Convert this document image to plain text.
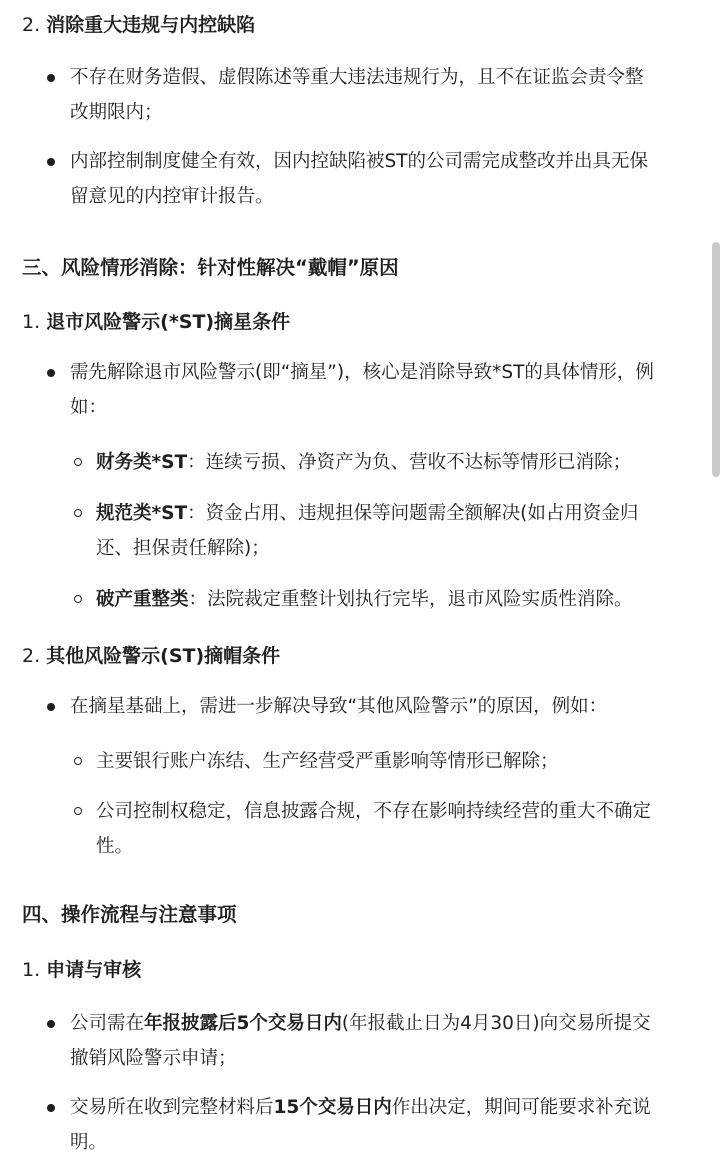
2. 消除重大违规与内控缺陷
不存在财务造假、虚假陈述等重大违法违规行为，且不在证监会责令整
改期限内；
内部控制制度健全有效，因内控缺陷被ST的公司需完成整改并出具无保
留意见的内控审计报告。
三、风险情形消除：针对性解决“戴帽”原因
1. 退市风险警示(*ST)摘星条件
需先解除退市风险警示(即“摘星”)，核心是消除导致*ST的具体情形，例
如：
财务类*ST：连续亏损、净资产为负、营收不达标等情形已消除；
规范类*ST：资金占用、违规担保等问题需全额解决(如占用资金归
还、担保责任解除)；
破产重整类：法院裁定重整计划执行完毕，退市风险实质性消除。
2. 其他风险警示(ST)摘帽条件
在摘星基础上，需进一步解决导致“其他风险警示”的原因，例如：
主要银行账户冻结、生产经营受严重影响等情形已解除；
公司控制权稳定，信息披露合规，不存在影响持续经营的重大不确定
性。
四、操作流程与注意事项
1. 申请与审核
公司需在年报披露后5个交易日内(年报截止日为4月30日)向交易所提交
撤销风险警示申请；
交易所在收到完整材料后15个交易日内作出决定，期间可能要求补充说
明。
